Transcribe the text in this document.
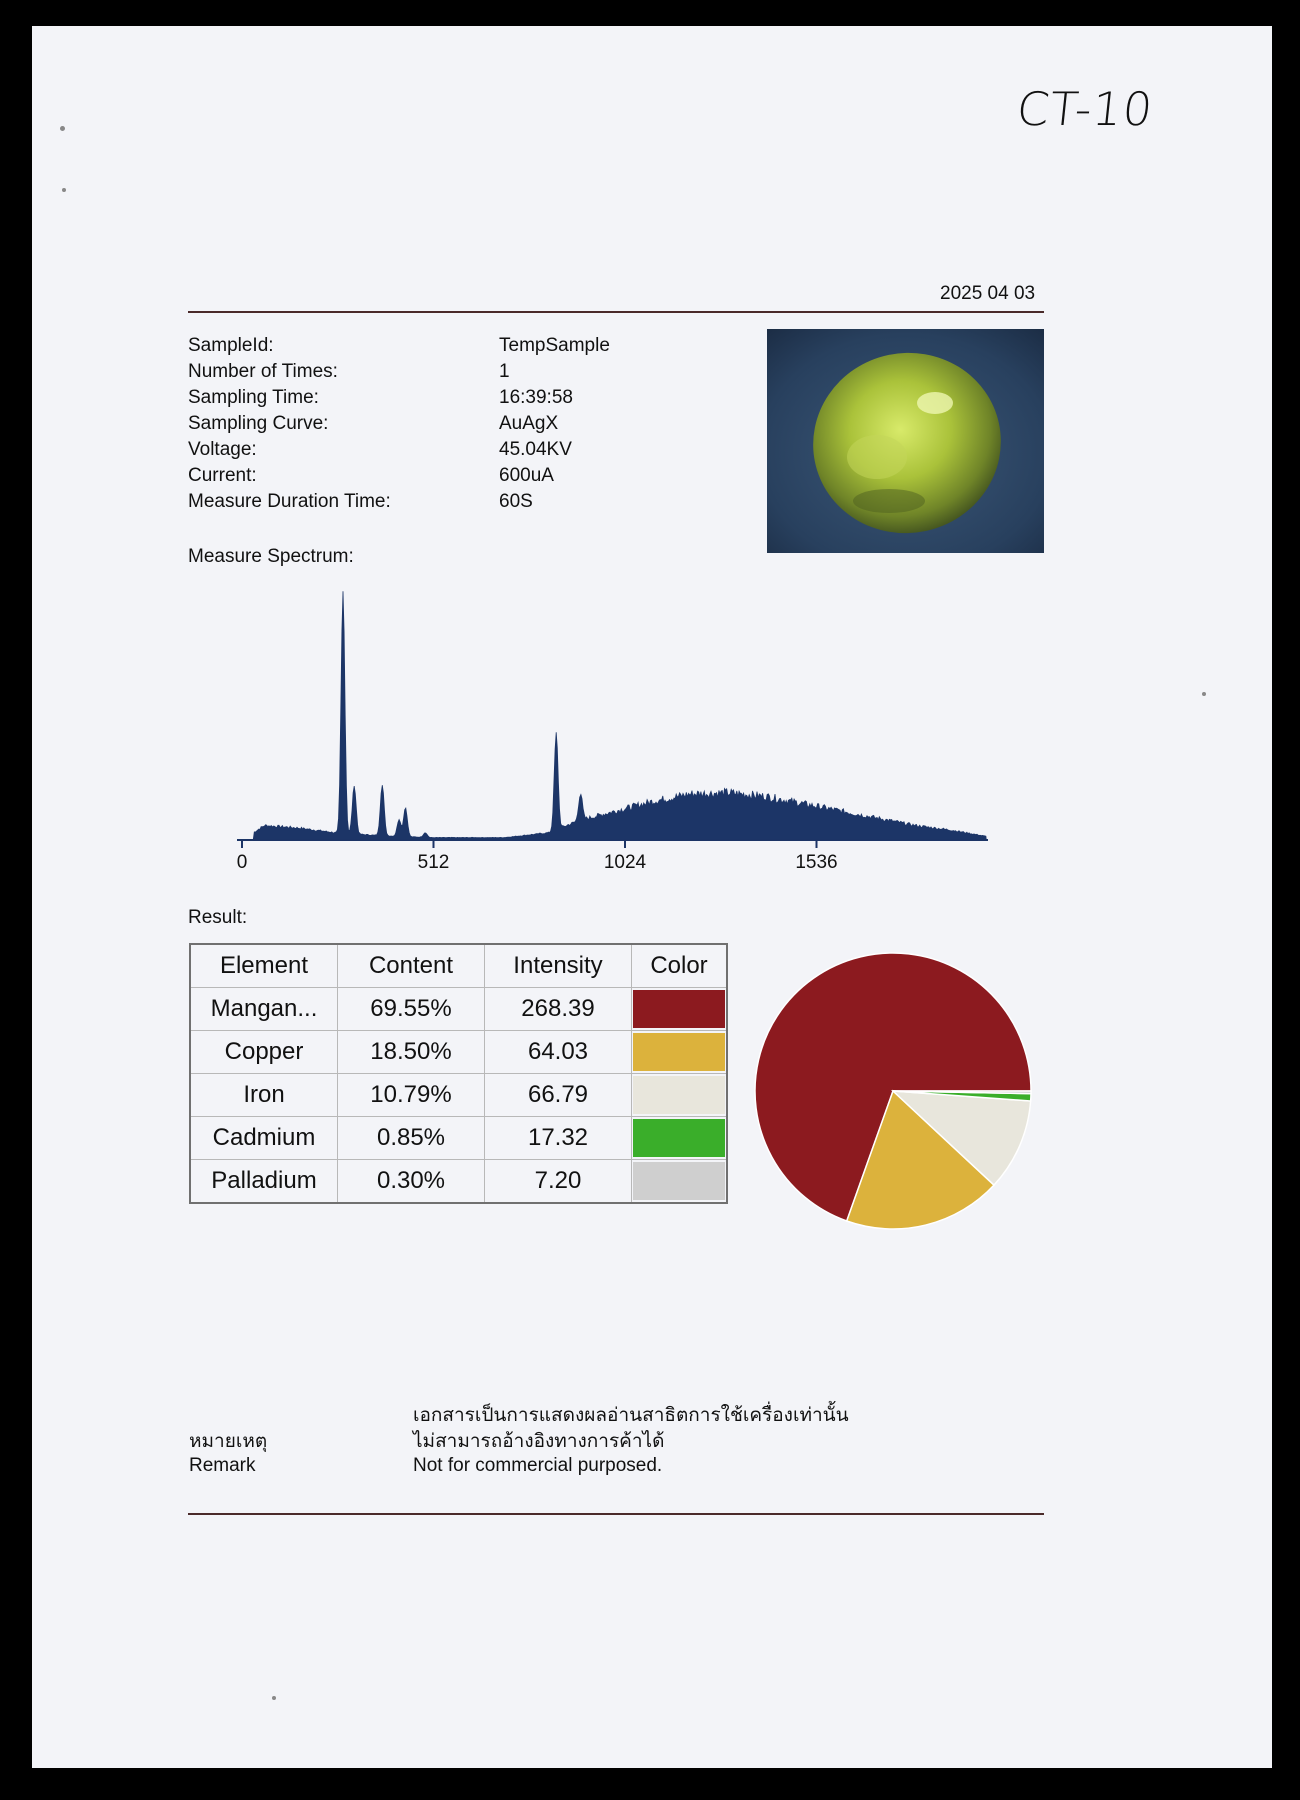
CT-10
2025 04 03
SampleId:	TempSample
Number of Times:	1
Sampling Time:	16:39:58
Sampling Curve:	AuAgX
Voltage:	45.04KV
Current:	600uA
Measure Duration Time:	60S
Measure Spectrum:
0	512	1024	1536
Result:
Element	Content	Intensity	Color
Mangan...	69.55%	268.39	

Copper	18.50%	64.03	

Iron	10.79%	66.79	

Cadmium	0.85%	17.32	

Palladium	0.30%	7.20	
เอกสารเป็นการแสดงผลอ่านสาธิตการใช้เครื่องเท่านั้น
ไม่สามารถอ้างอิงทางการค้าได้
หมายเหตุ
Remark	Not for commercial purposed.
